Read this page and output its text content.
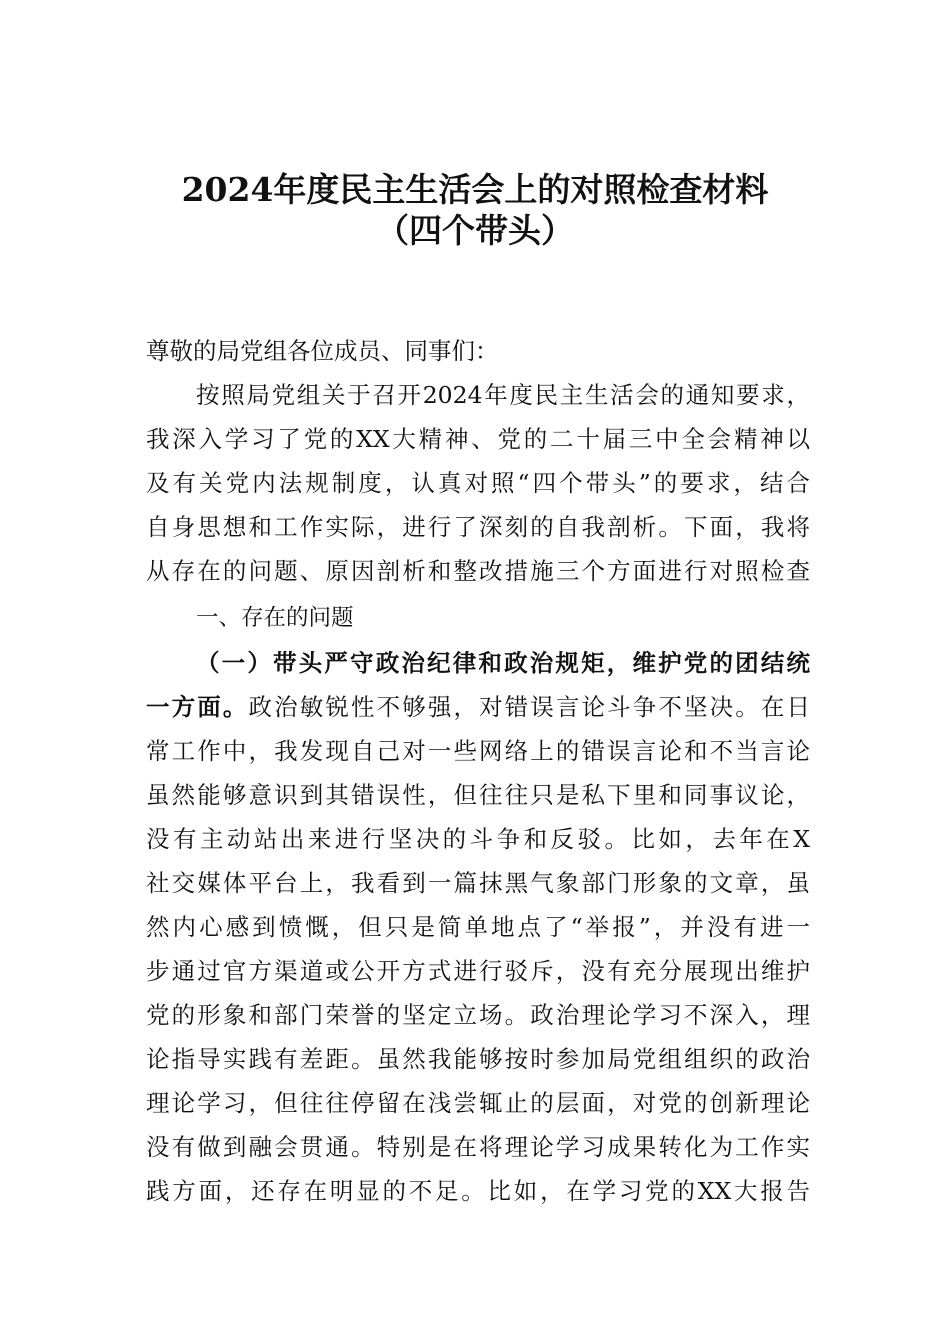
2024年度民主生活会上的对照检查材料
（四个带头）
尊敬的局党组各位成员、同事们：
按照局党组关于召开2024年度民主生活会的通知要求，
我深入学习了党的XX大精神、党的二十届三中全会精神以
及有关党内法规制度，认真对照“四个带头”的要求，结合
自身思想和工作实际，进行了深刻的自我剖析。下面，我将
从存在的问题、原因剖析和整改措施三个方面进行对照检查
一、存在的问题
（一）带头严守政治纪律和政治规矩，维护党的团结统
一方面。政治敏锐性不够强，对错误言论斗争不坚决。在日
常工作中，我发现自己对一些网络上的错误言论和不当言论
虽然能够意识到其错误性，但往往只是私下里和同事议论，
没有主动站出来进行坚决的斗争和反驳。比如，去年在X
社交媒体平台上，我看到一篇抹黑气象部门形象的文章，虽
然内心感到愤慨，但只是简单地点了“举报”，并没有进一
步通过官方渠道或公开方式进行驳斥，没有充分展现出维护
党的形象和部门荣誉的坚定立场。政治理论学习不深入，理
论指导实践有差距。虽然我能够按时参加局党组组织的政治
理论学习，但往往停留在浅尝辄止的层面，对党的创新理论
没有做到融会贯通。特别是在将理论学习成果转化为工作实
践方面，还存在明显的不足。比如，在学习党的XX大报告
